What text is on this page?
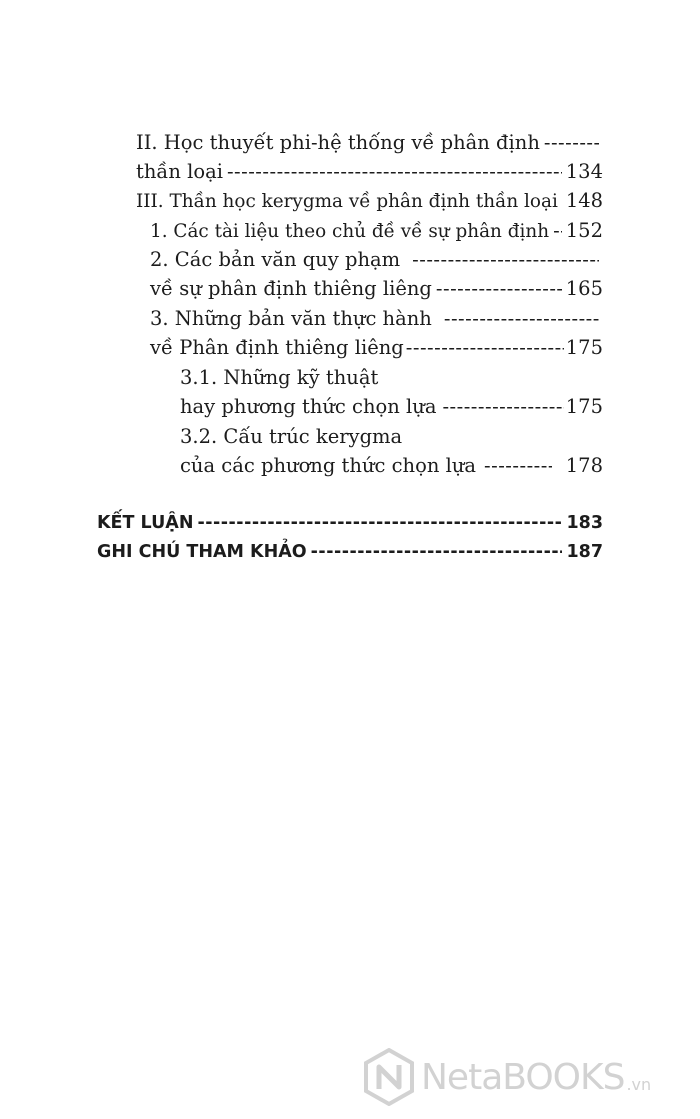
II. Học thuyết phi-hệ thống về phân định
-----
thần loại -----	134
III. Thần học kerygma về phân định thần loại 148
1. Các tài liệu theo chủ đề về sự phân định ----- 152
2. Các bản văn quy phạm
-----
về sự phân định thiêng liêng -----	165
3. Những bản văn thực hành
-----
về Phân định thiêng liêng -----	175
3.1. Những kỹ thuật
hay phương thức chọn lựa -----	175
3.2. Cấu trúc kerygma
của các phương thức chọn lựa -----	178
KẾT LUẬN -----	183
GHI CHÚ THAM KHẢO -----	187
NetaBOOKS .vn
